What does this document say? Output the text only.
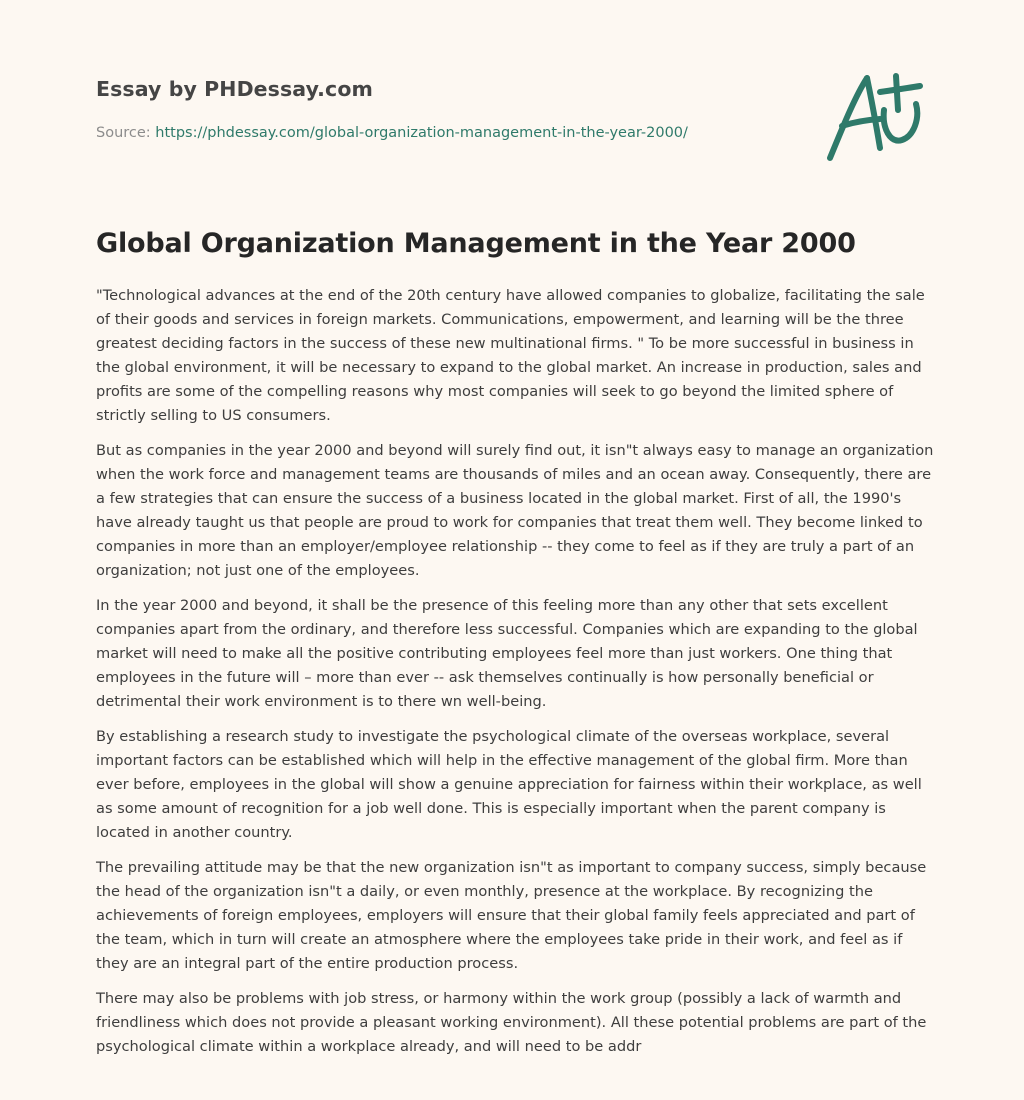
Essay by PHDessay.com
Source: https://phdessay.com/global-organization-management-in-the-year-2000/
Global Organization Management in the Year 2000

"Technological advances at the end of the 20th century have allowed companies to globalize, facilitating the sale of their goods and services in foreign markets. Communications, empowerment, and learning will be the three greatest deciding factors in the success of these new multinational firms. " To be more successful in business in the global environment, it will be necessary to expand to the global market. An increase in production, sales and profits are some of the compelling reasons why most companies will seek to go beyond the limited sphere of strictly selling to US consumers.

But as companies in the year 2000 and beyond will surely find out, it isn"t always easy to manage an organization when the work force and management teams are thousands of miles and an ocean away. Consequently, there are a few strategies that can ensure the success of a business located in the global market. First of all, the 1990's have already taught us that people are proud to work for companies that treat them well. They become linked to companies in more than an employer/employee relationship -- they come to feel as if they are truly a part of an organization; not just one of the employees.

In the year 2000 and beyond, it shall be the presence of this feeling more than any other that sets excellent companies apart from the ordinary, and therefore less successful. Companies which are expanding to the global market will need to make all the positive contributing employees feel more than just workers. One thing that employees in the future will – more than ever -- ask themselves continually is how personally beneficial or detrimental their work environment is to there wn well-being.

By establishing a research study to investigate the psychological climate of the overseas workplace, several important factors can be established which will help in the effective management of the global firm. More than ever before, employees in the global will show a genuine appreciation for fairness within their workplace, as well as some amount of recognition for a job well done. This is especially important when the parent company is located in another country.

The prevailing attitude may be that the new organization isn"t as important to company success, simply because the head of the organization isn"t a daily, or even monthly, presence at the workplace. By recognizing the achievements of foreign employees, employers will ensure that their global family feels appreciated and part of the team, which in turn will create an atmosphere where the employees take pride in their work, and feel as if they are an integral part of the entire production process.

There may also be problems with job stress, or harmony within the work group (possibly a lack of warmth and friendliness which does not provide a pleasant working environment). All these potential problems are part of the psychological climate within a workplace already, and will need to be addr
